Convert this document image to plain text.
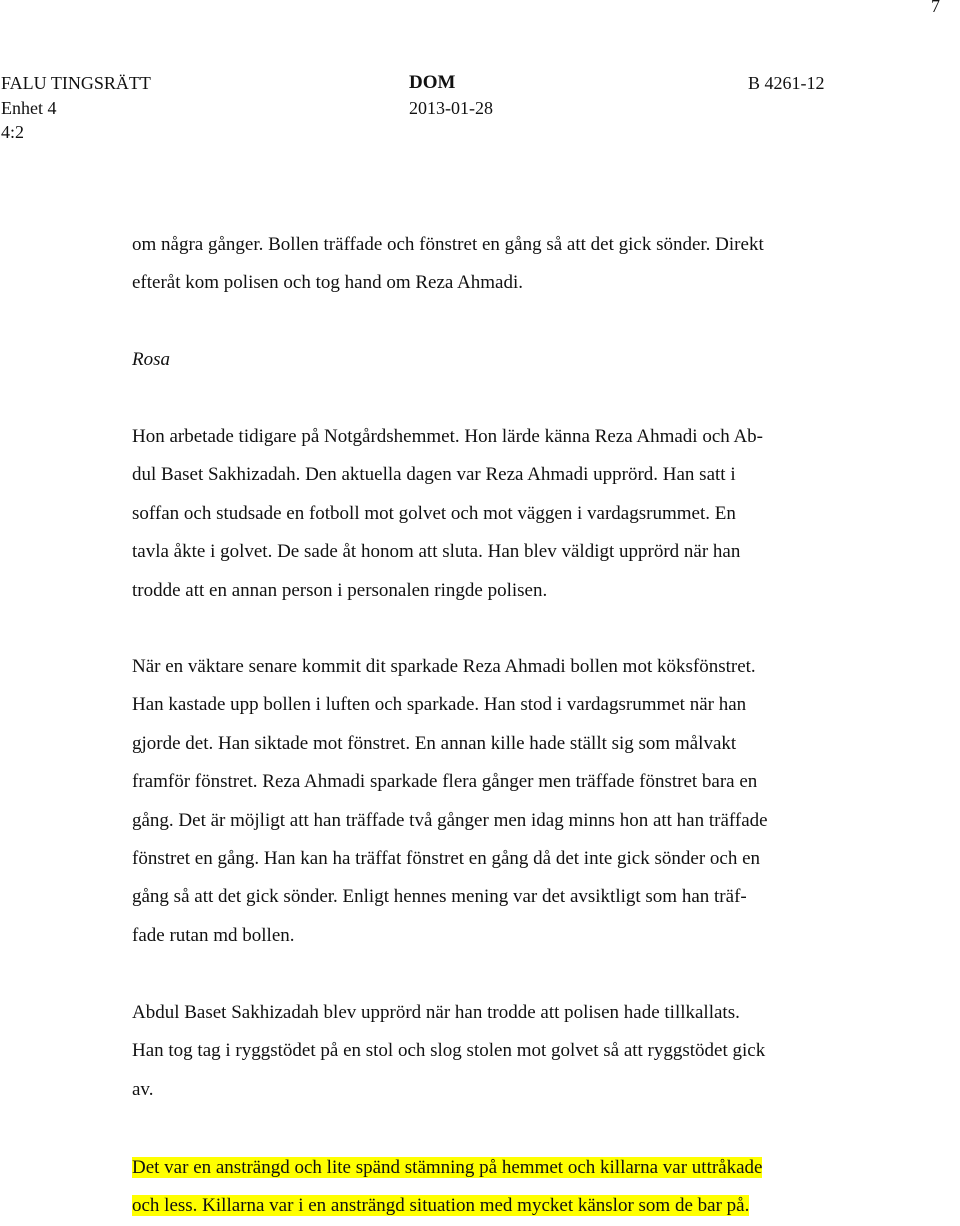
7
FALU TINGSRÄTT
Enhet 4
4:2
DOM
2013-01-28
B 4261-12
om några gånger. Bollen träffade och fönstret en gång så att det gick sönder. Direkt
efteråt kom polisen och tog hand om Reza Ahmadi.
Rosa
Hon arbetade tidigare på Notgårdshemmet. Hon lärde känna Reza Ahmadi och Ab-
dul Baset Sakhizadah. Den aktuella dagen var Reza Ahmadi upprörd. Han satt i
soffan och studsade en fotboll mot golvet och mot väggen i vardagsrummet. En
tavla åkte i golvet. De sade åt honom att sluta. Han blev väldigt upprörd när han
trodde att en annan person i personalen ringde polisen.
När en väktare senare kommit dit sparkade Reza Ahmadi bollen mot köksfönstret.
Han kastade upp bollen i luften och sparkade. Han stod i vardagsrummet när han
gjorde det. Han siktade mot fönstret. En annan kille hade ställt sig som målvakt
framför fönstret. Reza Ahmadi sparkade flera gånger men träffade fönstret bara en
gång. Det är möjligt att han träffade två gånger men idag minns hon att han träffade
fönstret en gång. Han kan ha träffat fönstret en gång då det inte gick sönder och en
gång så att det gick sönder. Enligt hennes mening var det avsiktligt som han träf-
fade rutan md bollen.
Abdul Baset Sakhizadah blev upprörd när han trodde att polisen hade tillkallats.
Han tog tag i ryggstödet på en stol och slog stolen mot golvet så att ryggstödet gick
av.
Det var en ansträngd och lite spänd stämning på hemmet och killarna var uttråkade
och less. Killarna var i en ansträngd situation med mycket känslor som de bar på.
